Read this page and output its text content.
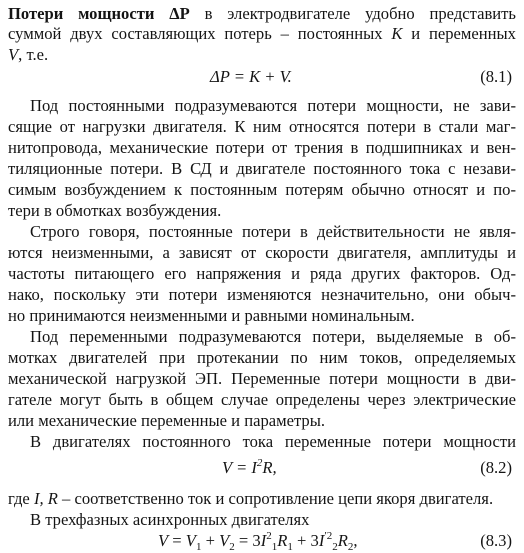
Потери мощности ΔР в электродвигателе удобно представить
суммой двух составляющих потерь – постоянных K и переменных
V, т.е.
ΔP = K + V.	(8.1)
Под постоянными подразумеваются потери мощности, не зави-
сящие от нагрузки двигателя. К ним относятся потери в стали маг-
нитопровода, механические потери от трения в подшипниках и вен-
тиляционные потери. В СД и двигателе постоянного тока с незави-
симым возбуждением к постоянным потерям обычно относят и по-
тери в обмотках возбуждения.
Строго говоря, постоянные потери в действительности не явля-
ются неизменными, а зависят от скорости двигателя, амплитуды и
частоты питающего его напряжения и ряда других факторов. Од-
нако, поскольку эти потери изменяются незначительно, они обыч-
но принимаются неизменными и равными номинальным.
Под переменными подразумеваются потери, выделяемые в об-
мотках двигателей при протекании по ним токов, определяемых
механической нагрузкой ЭП. Переменные потери мощности в дви-
гателе могут быть в общем случае определены через электрические
или механические переменные и параметры.
В двигателях постоянного тока переменные потери мощности
$V = I^2R$,	(8.2)
где I, R – соответственно ток и сопротивление цепи якоря двигателя.
В трехфазных асинхронных двигателях
$V = V_1 + V_2 = 3I^2_1R_1 + 3I^{'2}_2R_2$,	(8.3)
